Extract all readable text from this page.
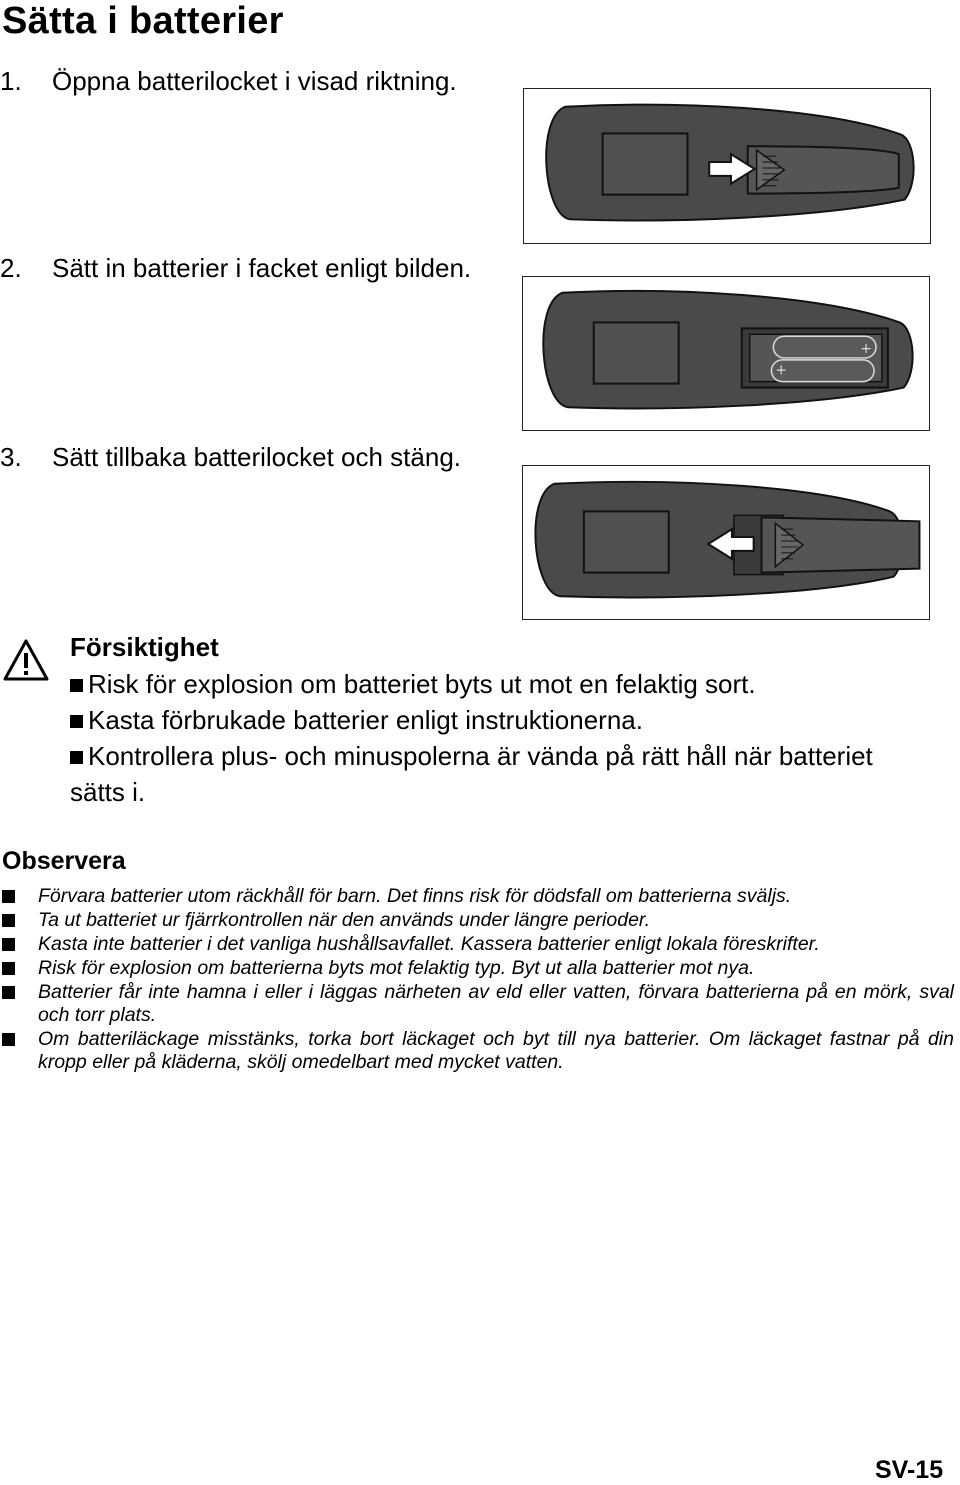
Sätta i batterier
1. Öppna batterilocket i visad riktning.
2. Sätt in batterier i facket enligt bilden.
3. Sätt tillbaka batterilocket och stäng.
+
+
Försiktighet
Risk för explosion om batteriet byts ut mot en felaktig sort.
Kasta förbrukade batterier enligt instruktionerna.
Kontrollera plus- och minuspolerna är vända på rätt håll när batteriet
sätts i.
Observera
Förvara batterier utom räckhåll för barn. Det finns risk för dödsfall om batterierna sväljs.
Ta ut batteriet ur fjärrkontrollen när den används under längre perioder.
Kasta inte batterier i det vanliga hushållsavfallet. Kassera batterier enligt lokala föreskrifter.
Risk för explosion om batterierna byts mot felaktig typ. Byt ut alla batterier mot nya.
Batterier får inte hamna i eller i läggas närheten av eld eller vatten, förvara batterierna på en mörk, sval och torr plats.
Om batteriläckage misstänks, torka bort läckaget och byt till nya batterier. Om läckaget fastnar på din kropp eller på kläderna, skölj omedelbart med mycket vatten.
SV-15
